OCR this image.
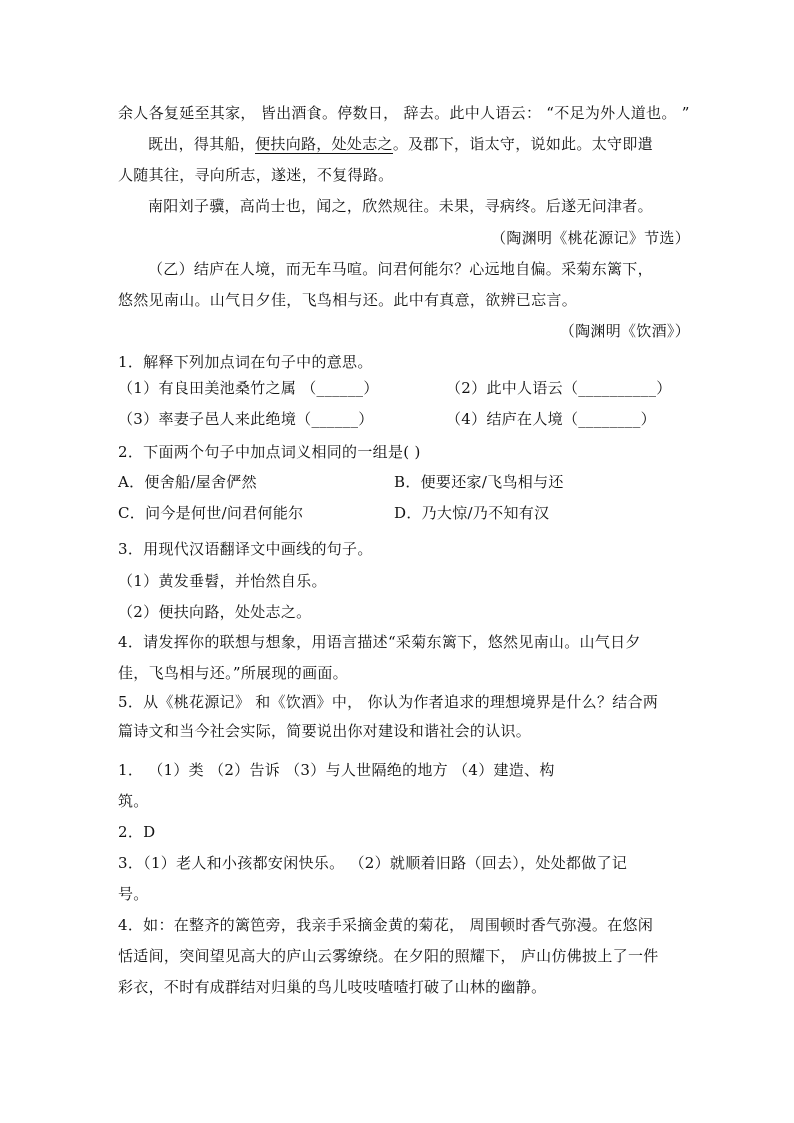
余人各复延至其家， 皆出酒食。停数日， 辞去。此中人语云： “不足为外人道也。 ”
既出，得其船，便扶向路，处处志之。及郡下，诣太守，说如此。太守即遣
人随其往，寻向所志，遂迷，不复得路。
南阳刘子骥，高尚士也，闻之，欣然规往。未果，寻病终。后遂无问津者。
（陶渊明《桃花源记》节选）
（乙）结庐在人境，而无车马喧。问君何能尔？心远地自偏。采菊东篱下，
悠然见南山。山气日夕佳，飞鸟相与还。此中有真意，欲辨已忘言。
（陶渊明《饮酒》）
1．解释下列加点词在句子中的意思。
（1）有良田美池桑竹之属 （______）	（2）此中人语云（__________）
（3）率妻子邑人来此绝境（______）	（4）结庐在人境（________）
2．下面两个句子中加点词义相同的一组是( )
A．便舍船/屋舍俨然	B．便要还家/飞鸟相与还
C．问今是何世/问君何能尔	D．乃大惊/乃不知有汉
3．用现代汉语翻译文中画线的句子。
（1）黄发垂髫，并怡然自乐。
（2）便扶向路，处处志之。
4．请发挥你的联想与想象，用语言描述“采菊东篱下，悠然见南山。山气日夕
佳，飞鸟相与还。”所展现的画面。
5．从《桃花源记》 和《饮酒》中， 你认为作者追求的理想境界是什么？结合两
篇诗文和当今社会实际，简要说出你对建设和谐社会的认识。
1． （1）类 （2）告诉 （3）与人世隔绝的地方 （4）建造、构
筑。
2．D
3．（1）老人和小孩都安闲快乐。 （2）就顺着旧路（回去），处处都做了记
号。
4．如：在整齐的篱笆旁，我亲手采摘金黄的菊花， 周围顿时香气弥漫。在悠闲
恬适间，突间望见高大的庐山云雾缭绕。在夕阳的照耀下， 庐山仿佛披上了一件
彩衣，不时有成群结对归巢的鸟儿吱吱喳喳打破了山林的幽静。
